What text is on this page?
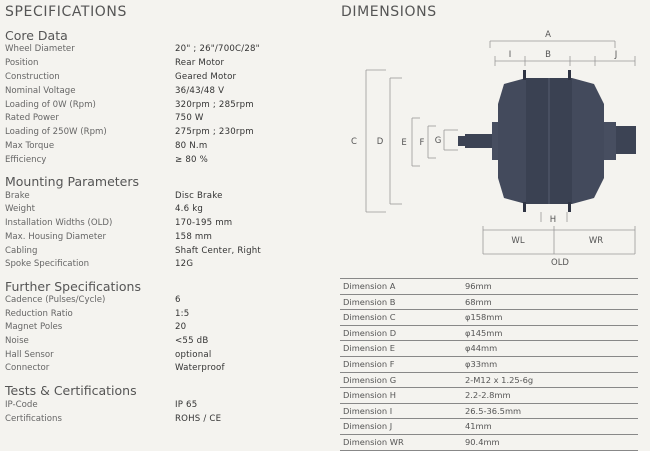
SPECIFICATIONS	DIMENSIONS
Core Data
Wheel Diameter	20" ; 26"/700C/28"
Position	Rear Motor
Construction	Geared Motor
Nominal Voltage	36/43/48 V
Loading of 0W (Rpm)	320rpm ; 285rpm
Rated Power	750 W
Loading of 250W (Rpm)	275rpm ; 230rpm
Max Torque	80 N.m
Efficiency	≥ 80 %
Mounting Parameters
Brake	Disc Brake
Weight	4.6 kg
Installation Widths (OLD)	170-195 mm
Max. Housing Diameter	158 mm
Cabling	Shaft Center, Right
Spoke Specification	12G
Further Specifications
Cadence (Pulses/Cycle)	6
Reduction Ratio	1:5
Magnet Poles	20
Noise	<55 dB
Hall Sensor	optional
Connector	Waterproof
Tests & Certifications
IP-Code	IP 65
Certifications	ROHS / CE
A
I	B	J
C D E F G
H
WL	WR
OLD
Dimension A	96mm
Dimension B	68mm
Dimension C	φ158mm
Dimension D	φ145mm
Dimension E	φ44mm
Dimension F	φ33mm
Dimension G	2-M12 x 1.25-6g
Dimension H	2.2-2.8mm
Dimension I	26.5-36.5mm
Dimension J	41mm
Dimension WR	90.4mm
